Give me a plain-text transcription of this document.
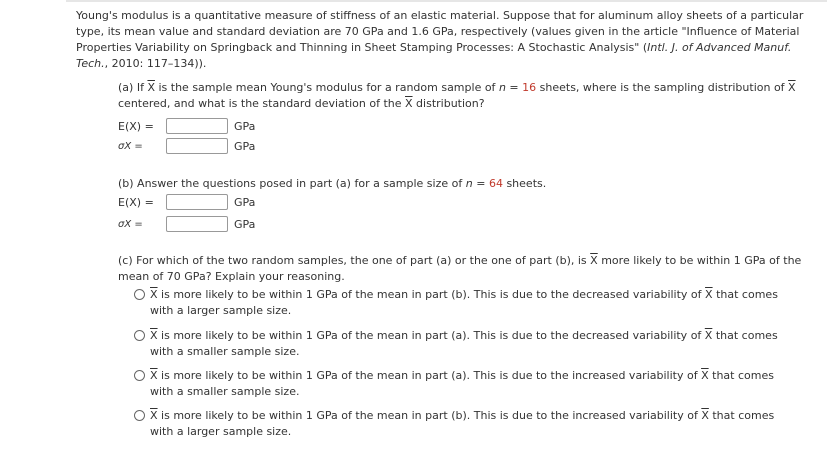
Young's modulus is a quantitative measure of stiffness of an elastic material. Suppose that for aluminum alloy sheets of a particular type, its mean value and standard deviation are 70 GPa and 1.6 GPa, respectively (values given in the article "Influence of Material Properties Variability on Springback and Thinning in Sheet Stamping Processes: A Stochastic Analysis" (Intl. J. of Advanced Manuf. Tech., 2010: 117–134)).
(a) If $\overline{X}$ is the sample mean Young's modulus for a random sample of n = 16 sheets, where is the sampling distribution of $\overline{X}$ centered, and what is the standard deviation of the $\overline{X}$ distribution?
E(X) =	GPa
σX =	GPa
(b) Answer the questions posed in part (a) for a sample size of n = 64 sheets.
E(X) =	GPa
σX =	GPa
(c) For which of the two random samples, the one of part (a) or the one of part (b), is $\overline{X}$ more likely to be within 1 GPa of the mean of 70 GPa? Explain your reasoning.
$\overline{X}$ is more likely to be within 1 GPa of the mean in part (b). This is due to the decreased variability of $\overline{X}$ that comes with a larger sample size.
$\overline{X}$ is more likely to be within 1 GPa of the mean in part (a). This is due to the decreased variability of $\overline{X}$ that comes with a smaller sample size.
$\overline{X}$ is more likely to be within 1 GPa of the mean in part (a). This is due to the increased variability of $\overline{X}$ that comes with a smaller sample size.
$\overline{X}$ is more likely to be within 1 GPa of the mean in part (b). This is due to the increased variability of $\overline{X}$ that comes with a larger sample size.
